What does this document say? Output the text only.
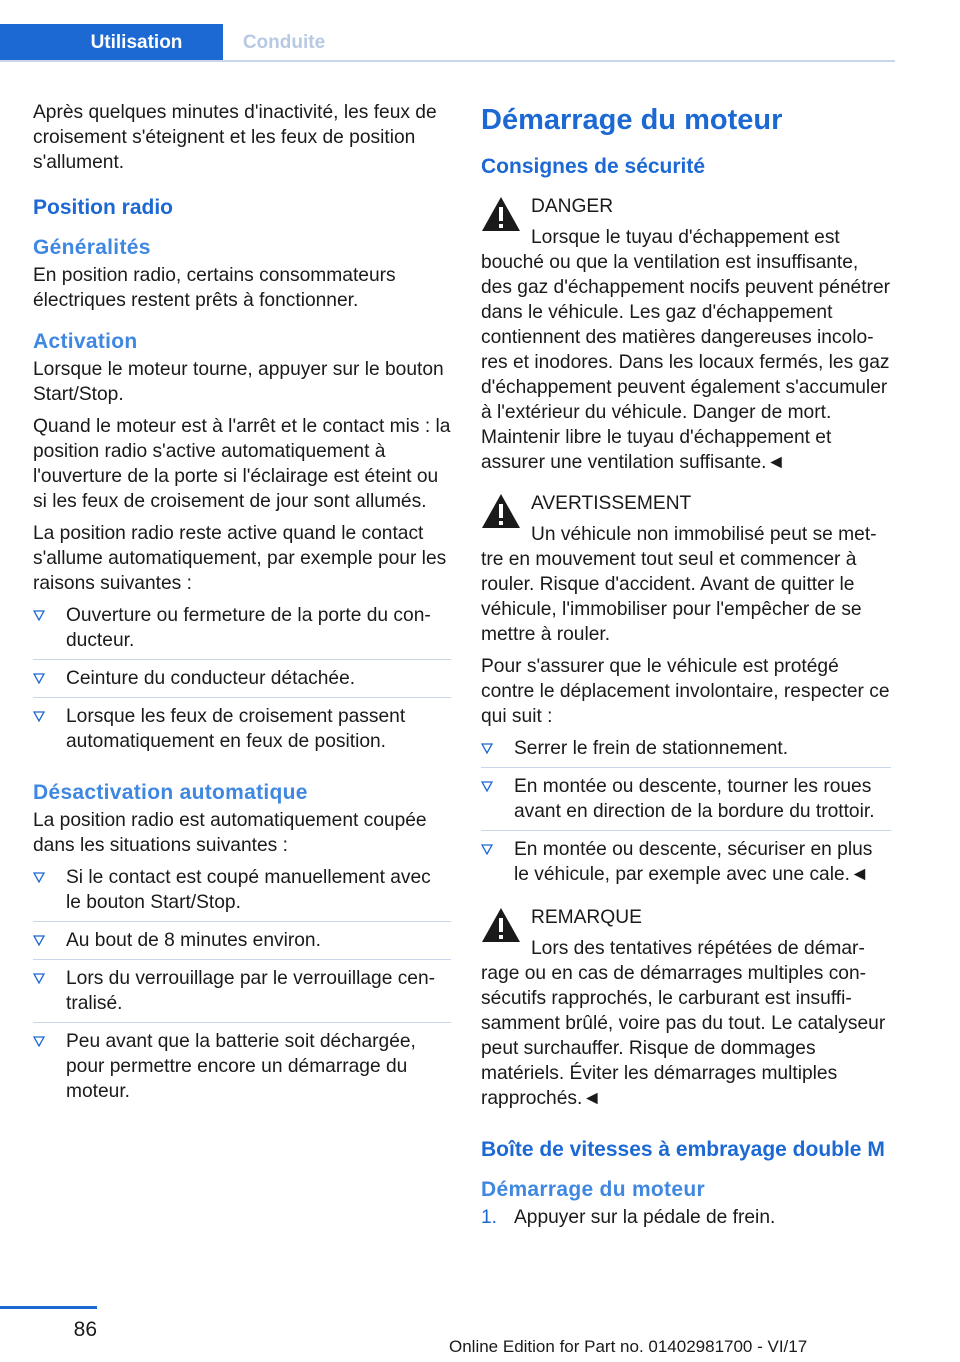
Utilisation	Conduite

Après quelques minutes d'inactivité, les feux de croisement s'éteignent et les feux de position s'allument.

Position radio
Généralités

En position radio, certains consommateurs électriques restent prêts à fonctionner.

Activation

Lorsque le moteur tourne, appuyer sur le bouton Start/Stop.

Quand le moteur est à l'arrêt et le contact mis : la position radio s'active automatiquement à l'ouverture de la porte si l'éclairage est éteint ou si les feux de croisement de jour sont allumés.

La position radio reste active quand le contact s'allume automatiquement, par exemple pour les raisons suivantes :

Ouverture ou fermeture de la porte du conducteur.
Ceinture du conducteur détachée.
Lorsque les feux de croisement passent automatiquement en feux de position.
Désactivation automatique

La position radio est automatiquement coupée dans les situations suivantes :

Si le contact est coupé manuellement avec le bouton Start/Stop.
Au bout de 8 minutes environ.
Lors du verrouillage par le verrouillage centralisé.
Peu avant que la batterie soit déchargée, pour permettre encore un démarrage du moteur.
Démarrage du moteur
Consignes de sécurité
DANGER

Lorsque le tuyau d'échappement est bouché ou que la ventilation est insuffisante, des gaz d'échappement nocifs peuvent pénétrer dans le véhicule. Les gaz d'échappement contiennent des matières dangereuses incolores et inodores. Dans les locaux fermés, les gaz d'échappement peuvent également s'accumuler à l'extérieur du véhicule. Danger de mort. Maintenir libre le tuyau d'échappement et assurer une ventilation suffisante.◄

AVERTISSEMENT

Un véhicule non immobilisé peut se mettre en mouvement tout seul et commencer à rouler. Risque d'accident. Avant de quitter le véhicule, l'immobiliser pour l'empêcher de se mettre à rouler.

Pour s'assurer que le véhicule est protégé contre le déplacement involontaire, respecter ce qui suit :

Serrer le frein de stationnement.
En montée ou descente, tourner les roues avant en direction de la bordure du trottoir.
En montée ou descente, sécuriser en plus le véhicule, par exemple avec une cale.◄
REMARQUE

Lors des tentatives répétées de démarrage ou en cas de démarrages multiples consécutifs rapprochés, le carburant est insuffisamment brûlé, voire pas du tout. Le catalyseur peut surchauffer. Risque de dommages matériels. Éviter les démarrages multiples rapprochés.◄

Boîte de vitesses à embrayage double M
Démarrage du moteur
1. Appuyer sur la pédale de frein.
86
Online Edition for Part no. 01402981700 - VI/17
